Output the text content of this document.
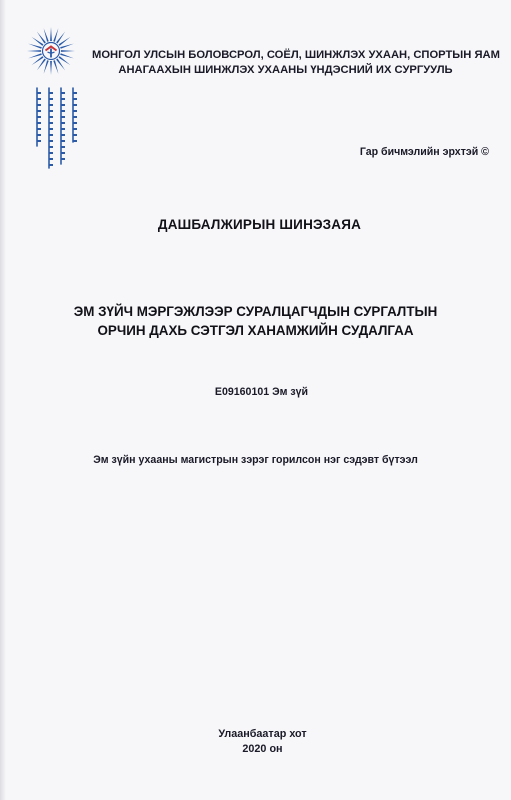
МОНГОЛ УЛСЫН БОЛОВСРОЛ, СОЁЛ, ШИНЖЛЭХ УХААН, СПОРТЫН ЯАМ
АНАГААХЫН ШИНЖЛЭХ УХААНЫ ҮНДЭСНИЙ ИХ СУРГУУЛЬ
Гар бичмэлийн эрхтэй ©
ДАШБАЛЖИРЫН ШИНЭЗАЯА
ЭМ ЗҮЙЧ МЭРГЭЖЛЭЭР СУРАЛЦАГЧДЫН СУРГАЛТЫН
ОРЧИН ДАХЬ СЭТГЭЛ ХАНАМЖИЙН СУДАЛГАА
E09160101 Эм зүй
Эм зүйн ухааны магистрын зэрэг горилсон нэг сэдэвт бүтээл
Улаанбаатар хот
2020 он
